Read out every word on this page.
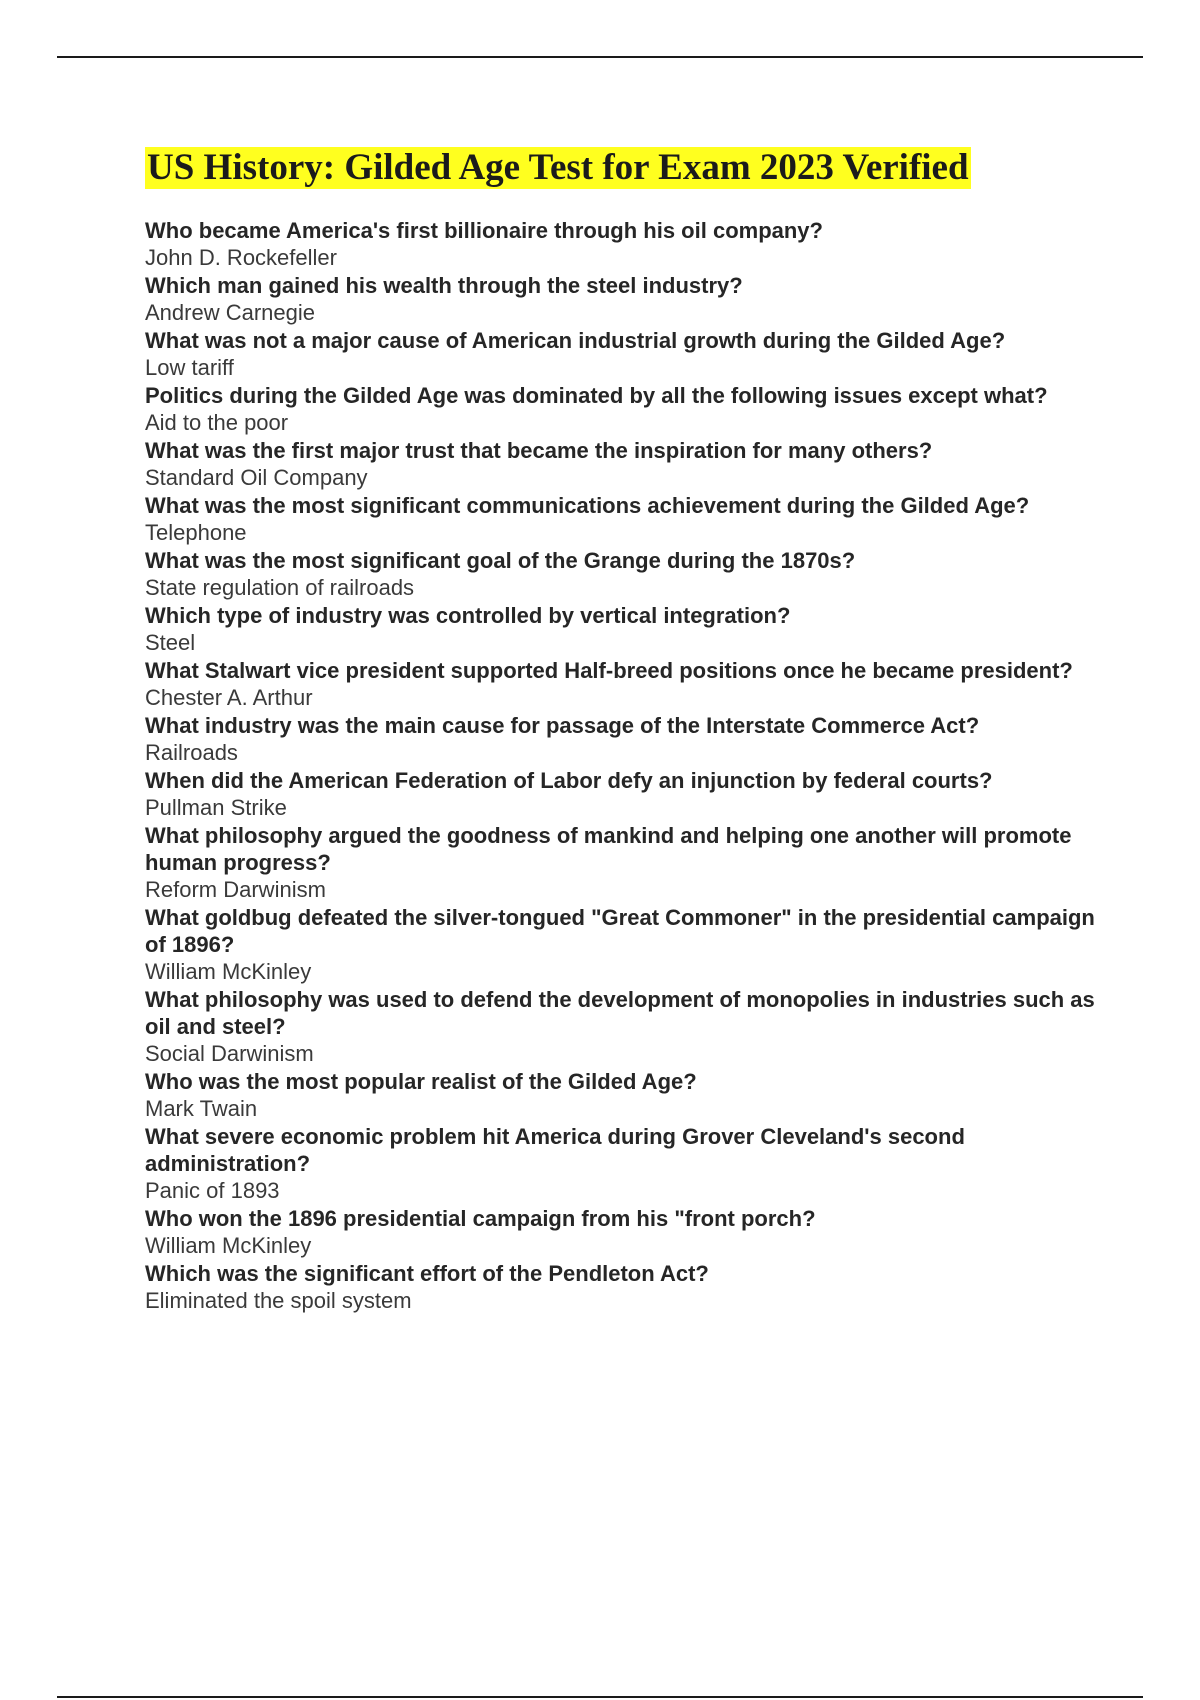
US History: Gilded Age Test for Exam 2023 Verified
Who became America's first billionaire through his oil company?
John D. Rockefeller
Which man gained his wealth through the steel industry?
Andrew Carnegie
What was not a major cause of American industrial growth during the Gilded Age?
Low tariff
Politics during the Gilded Age was dominated by all the following issues except what?
Aid to the poor
What was the first major trust that became the inspiration for many others?
Standard Oil Company
What was the most significant communications achievement during the Gilded Age?
Telephone
What was the most significant goal of the Grange during the 1870s?
State regulation of railroads
Which type of industry was controlled by vertical integration?
Steel
What Stalwart vice president supported Half-breed positions once he became president?
Chester A. Arthur
What industry was the main cause for passage of the Interstate Commerce Act?
Railroads
When did the American Federation of Labor defy an injunction by federal courts?
Pullman Strike
What philosophy argued the goodness of mankind and helping one another will promote human progress?
Reform Darwinism
What goldbug defeated the silver-tongued "Great Commoner" in the presidential campaign of 1896?
William McKinley
What philosophy was used to defend the development of monopolies in industries such as oil and steel?
Social Darwinism
Who was the most popular realist of the Gilded Age?
Mark Twain
What severe economic problem hit America during Grover Cleveland's second administration?
Panic of 1893
Who won the 1896 presidential campaign from his "front porch?
William McKinley
Which was the significant effort of the Pendleton Act?
Eliminated the spoil system
